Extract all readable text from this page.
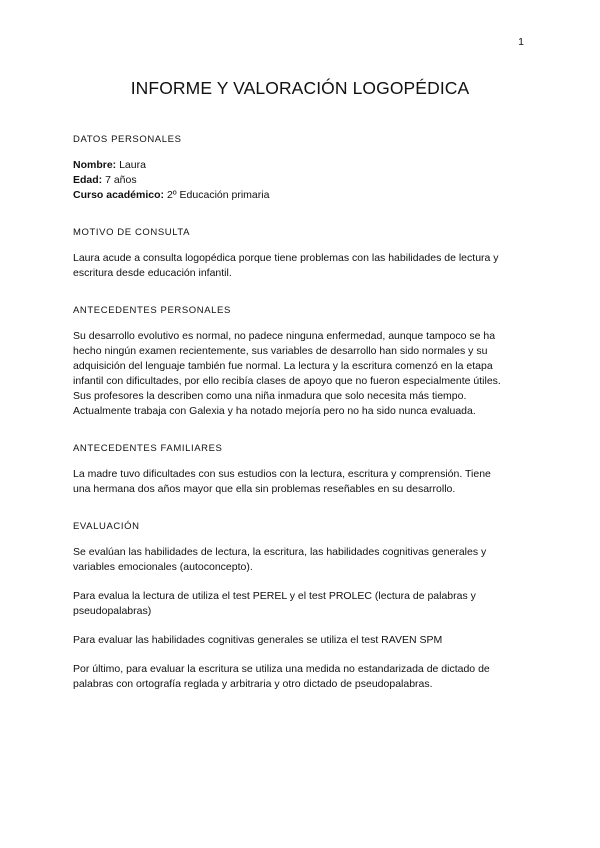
1
INFORME Y VALORACIÓN LOGOPÉDICA

DATOS PERSONALES

Nombre: Laura

Edad: 7 años

Curso académico: 2º Educación primaria

MOTIVO DE CONSULTA

Laura acude a consulta logopédica porque tiene problemas con las habilidades de lectura y
escritura desde educación infantil.

ANTECEDENTES PERSONALES

Su desarrollo evolutivo es normal, no padece ninguna enfermedad, aunque tampoco se ha
hecho ningún examen recientemente, sus variables de desarrollo han sido normales y su
adquisición del lenguaje también fue normal. La lectura y la escritura comenzó en la etapa
infantil con dificultades, por ello recibía clases de apoyo que no fueron especialmente útiles.
Sus profesores la describen como una niña inmadura que solo necesita más tiempo.
Actualmente trabaja con Galexia y ha notado mejoría pero no ha sido nunca evaluada.

ANTECEDENTES FAMILIARES

La madre tuvo dificultades con sus estudios con la lectura, escritura y comprensión. Tiene
una hermana dos años mayor que ella sin problemas reseñables en su desarrollo.

EVALUACIÓN

Se evalúan las habilidades de lectura, la escritura, las habilidades cognitivas generales y
variables emocionales (autoconcepto).

Para evalua la lectura de utiliza el test PEREL y el test PROLEC (lectura de palabras y
pseudopalabras)

Para evaluar las habilidades cognitivas generales se utiliza el test RAVEN SPM

Por último, para evaluar la escritura se utiliza una medida no estandarizada de dictado de
palabras con ortografía reglada y arbitraria y otro dictado de pseudopalabras.
